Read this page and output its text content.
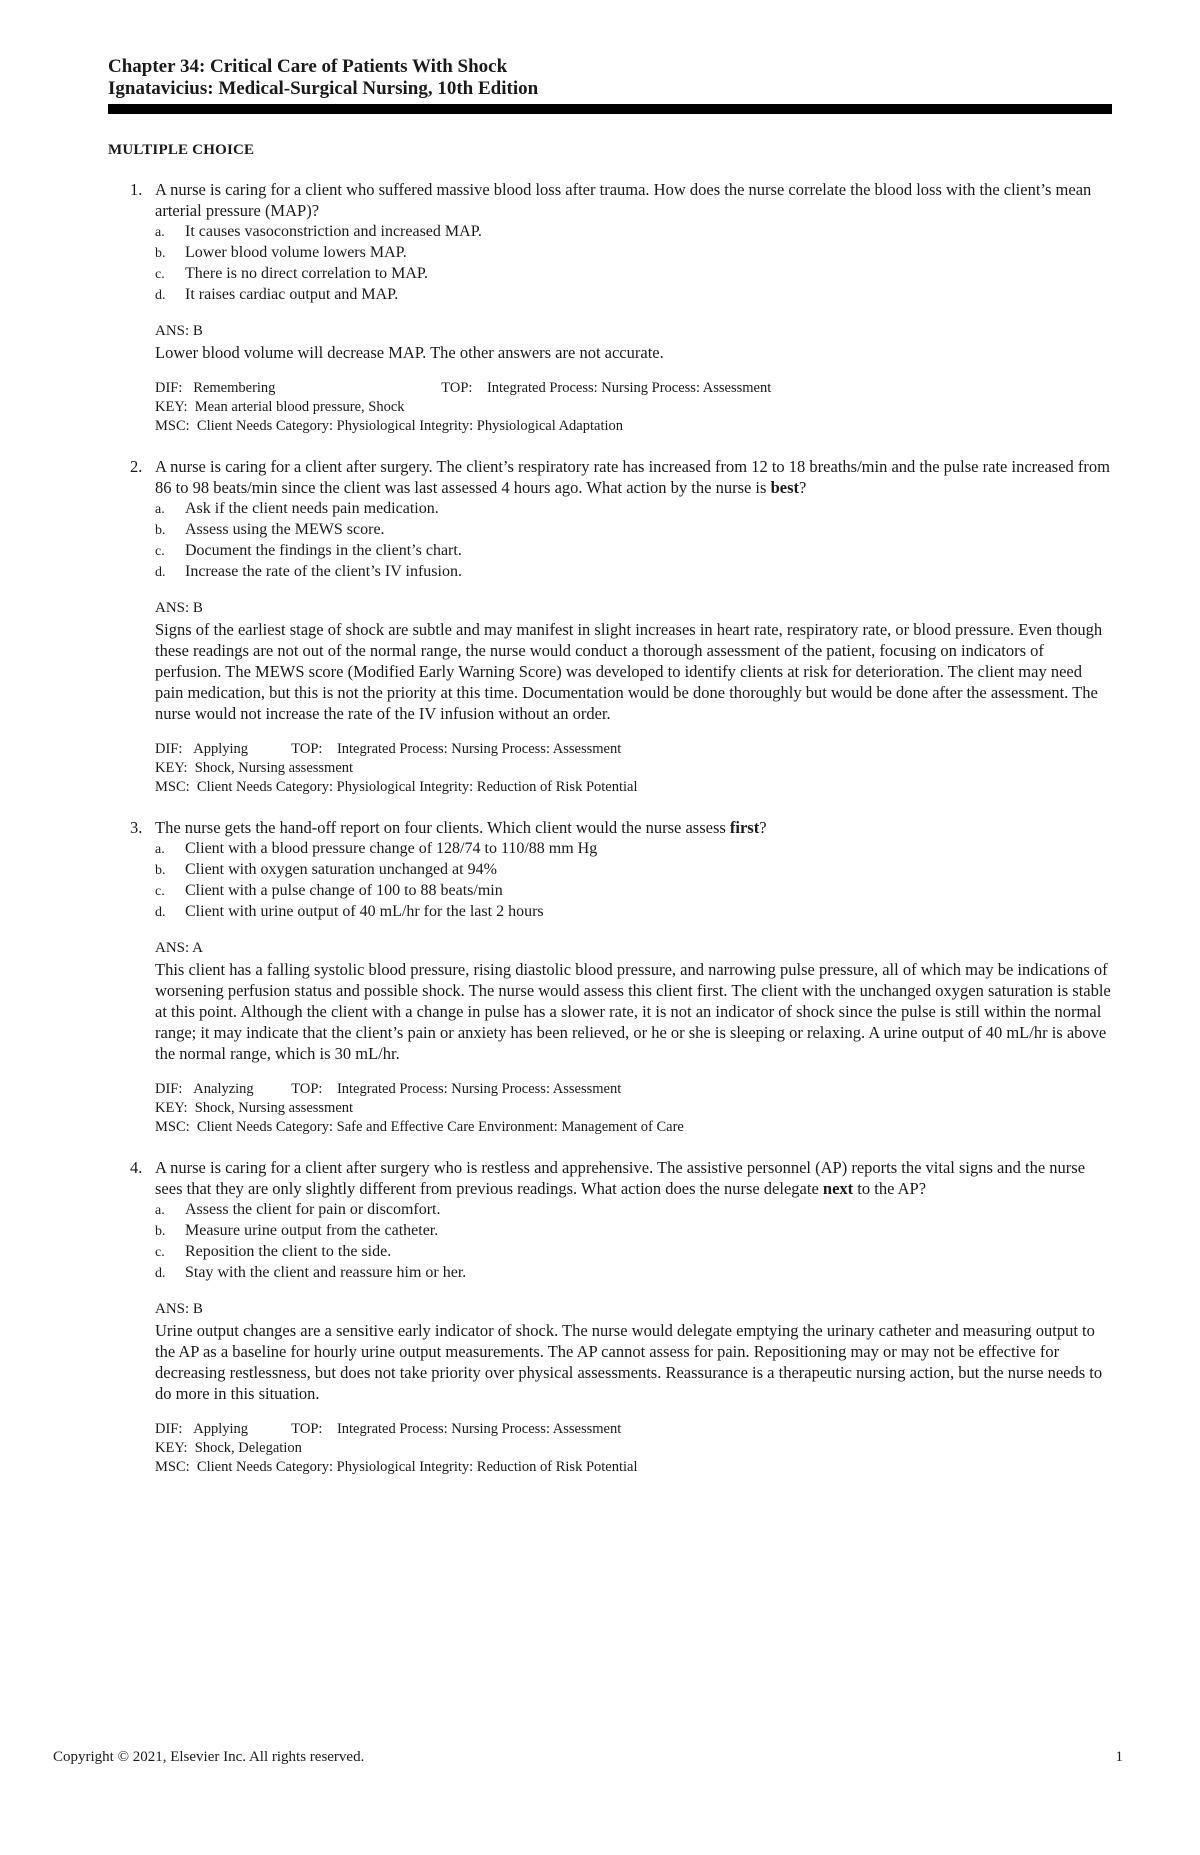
Chapter 34: Critical Care of Patients With Shock
Ignatavicius: Medical-Surgical Nursing, 10th Edition
MULTIPLE CHOICE
1. A nurse is caring for a client who suffered massive blood loss after trauma. How does the nurse correlate the blood loss with the client’s mean arterial pressure (MAP)?
a. It causes vasoconstriction and increased MAP.
b. Lower blood volume lowers MAP.
c. There is no direct correlation to MAP.
d. It raises cardiac output and MAP.
ANS: B
Lower blood volume will decrease MAP. The other answers are not accurate.
DIF: Remembering	TOP: Integrated Process: Nursing Process: Assessment
KEY: Mean arterial blood pressure, Shock
MSC: Client Needs Category: Physiological Integrity: Physiological Adaptation
2. A nurse is caring for a client after surgery. The client’s respiratory rate has increased from 12 to 18 breaths/min and the pulse rate increased from 86 to 98 beats/min since the client was last assessed 4 hours ago. What action by the nurse is best?
a. Ask if the client needs pain medication.
b. Assess using the MEWS score.
c. Document the findings in the client’s chart.
d. Increase the rate of the client’s IV infusion.
ANS: B
Signs of the earliest stage of shock are subtle and may manifest in slight increases in heart rate, respiratory rate, or blood pressure. Even though these readings are not out of the normal range, the nurse would conduct a thorough assessment of the patient, focusing on indicators of perfusion. The MEWS score (Modified Early Warning Score) was developed to identify clients at risk for deterioration. The client may need pain medication, but this is not the priority at this time. Documentation would be done thoroughly but would be done after the assessment. The nurse would not increase the rate of the IV infusion without an order.
DIF: Applying	TOP: Integrated Process: Nursing Process: Assessment
KEY: Shock, Nursing assessment
MSC: Client Needs Category: Physiological Integrity: Reduction of Risk Potential
3. The nurse gets the hand-off report on four clients. Which client would the nurse assess first?
a. Client with a blood pressure change of 128/74 to 110/88 mm Hg
b. Client with oxygen saturation unchanged at 94%
c. Client with a pulse change of 100 to 88 beats/min
d. Client with urine output of 40 mL/hr for the last 2 hours
ANS: A
This client has a falling systolic blood pressure, rising diastolic blood pressure, and narrowing pulse pressure, all of which may be indications of worsening perfusion status and possible shock. The nurse would assess this client first. The client with the unchanged oxygen saturation is stable at this point. Although the client with a change in pulse has a slower rate, it is not an indicator of shock since the pulse is still within the normal range; it may indicate that the client’s pain or anxiety has been relieved, or he or she is sleeping or relaxing. A urine output of 40 mL/hr is above the normal range, which is 30 mL/hr.
DIF: Analyzing	TOP: Integrated Process: Nursing Process: Assessment
KEY: Shock, Nursing assessment
MSC: Client Needs Category: Safe and Effective Care Environment: Management of Care
4. A nurse is caring for a client after surgery who is restless and apprehensive. The assistive personnel (AP) reports the vital signs and the nurse sees that they are only slightly different from previous readings. What action does the nurse delegate next to the AP?
a. Assess the client for pain or discomfort.
b. Measure urine output from the catheter.
c. Reposition the client to the side.
d. Stay with the client and reassure him or her.
ANS: B
Urine output changes are a sensitive early indicator of shock. The nurse would delegate emptying the urinary catheter and measuring output to the AP as a baseline for hourly urine output measurements. The AP cannot assess for pain. Repositioning may or may not be effective for decreasing restlessness, but does not take priority over physical assessments. Reassurance is a therapeutic nursing action, but the nurse needs to do more in this situation.
DIF: Applying	TOP: Integrated Process: Nursing Process: Assessment
KEY: Shock, Delegation
MSC: Client Needs Category: Physiological Integrity: Reduction of Risk Potential
Copyright © 2021, Elsevier Inc. All rights reserved.	1
